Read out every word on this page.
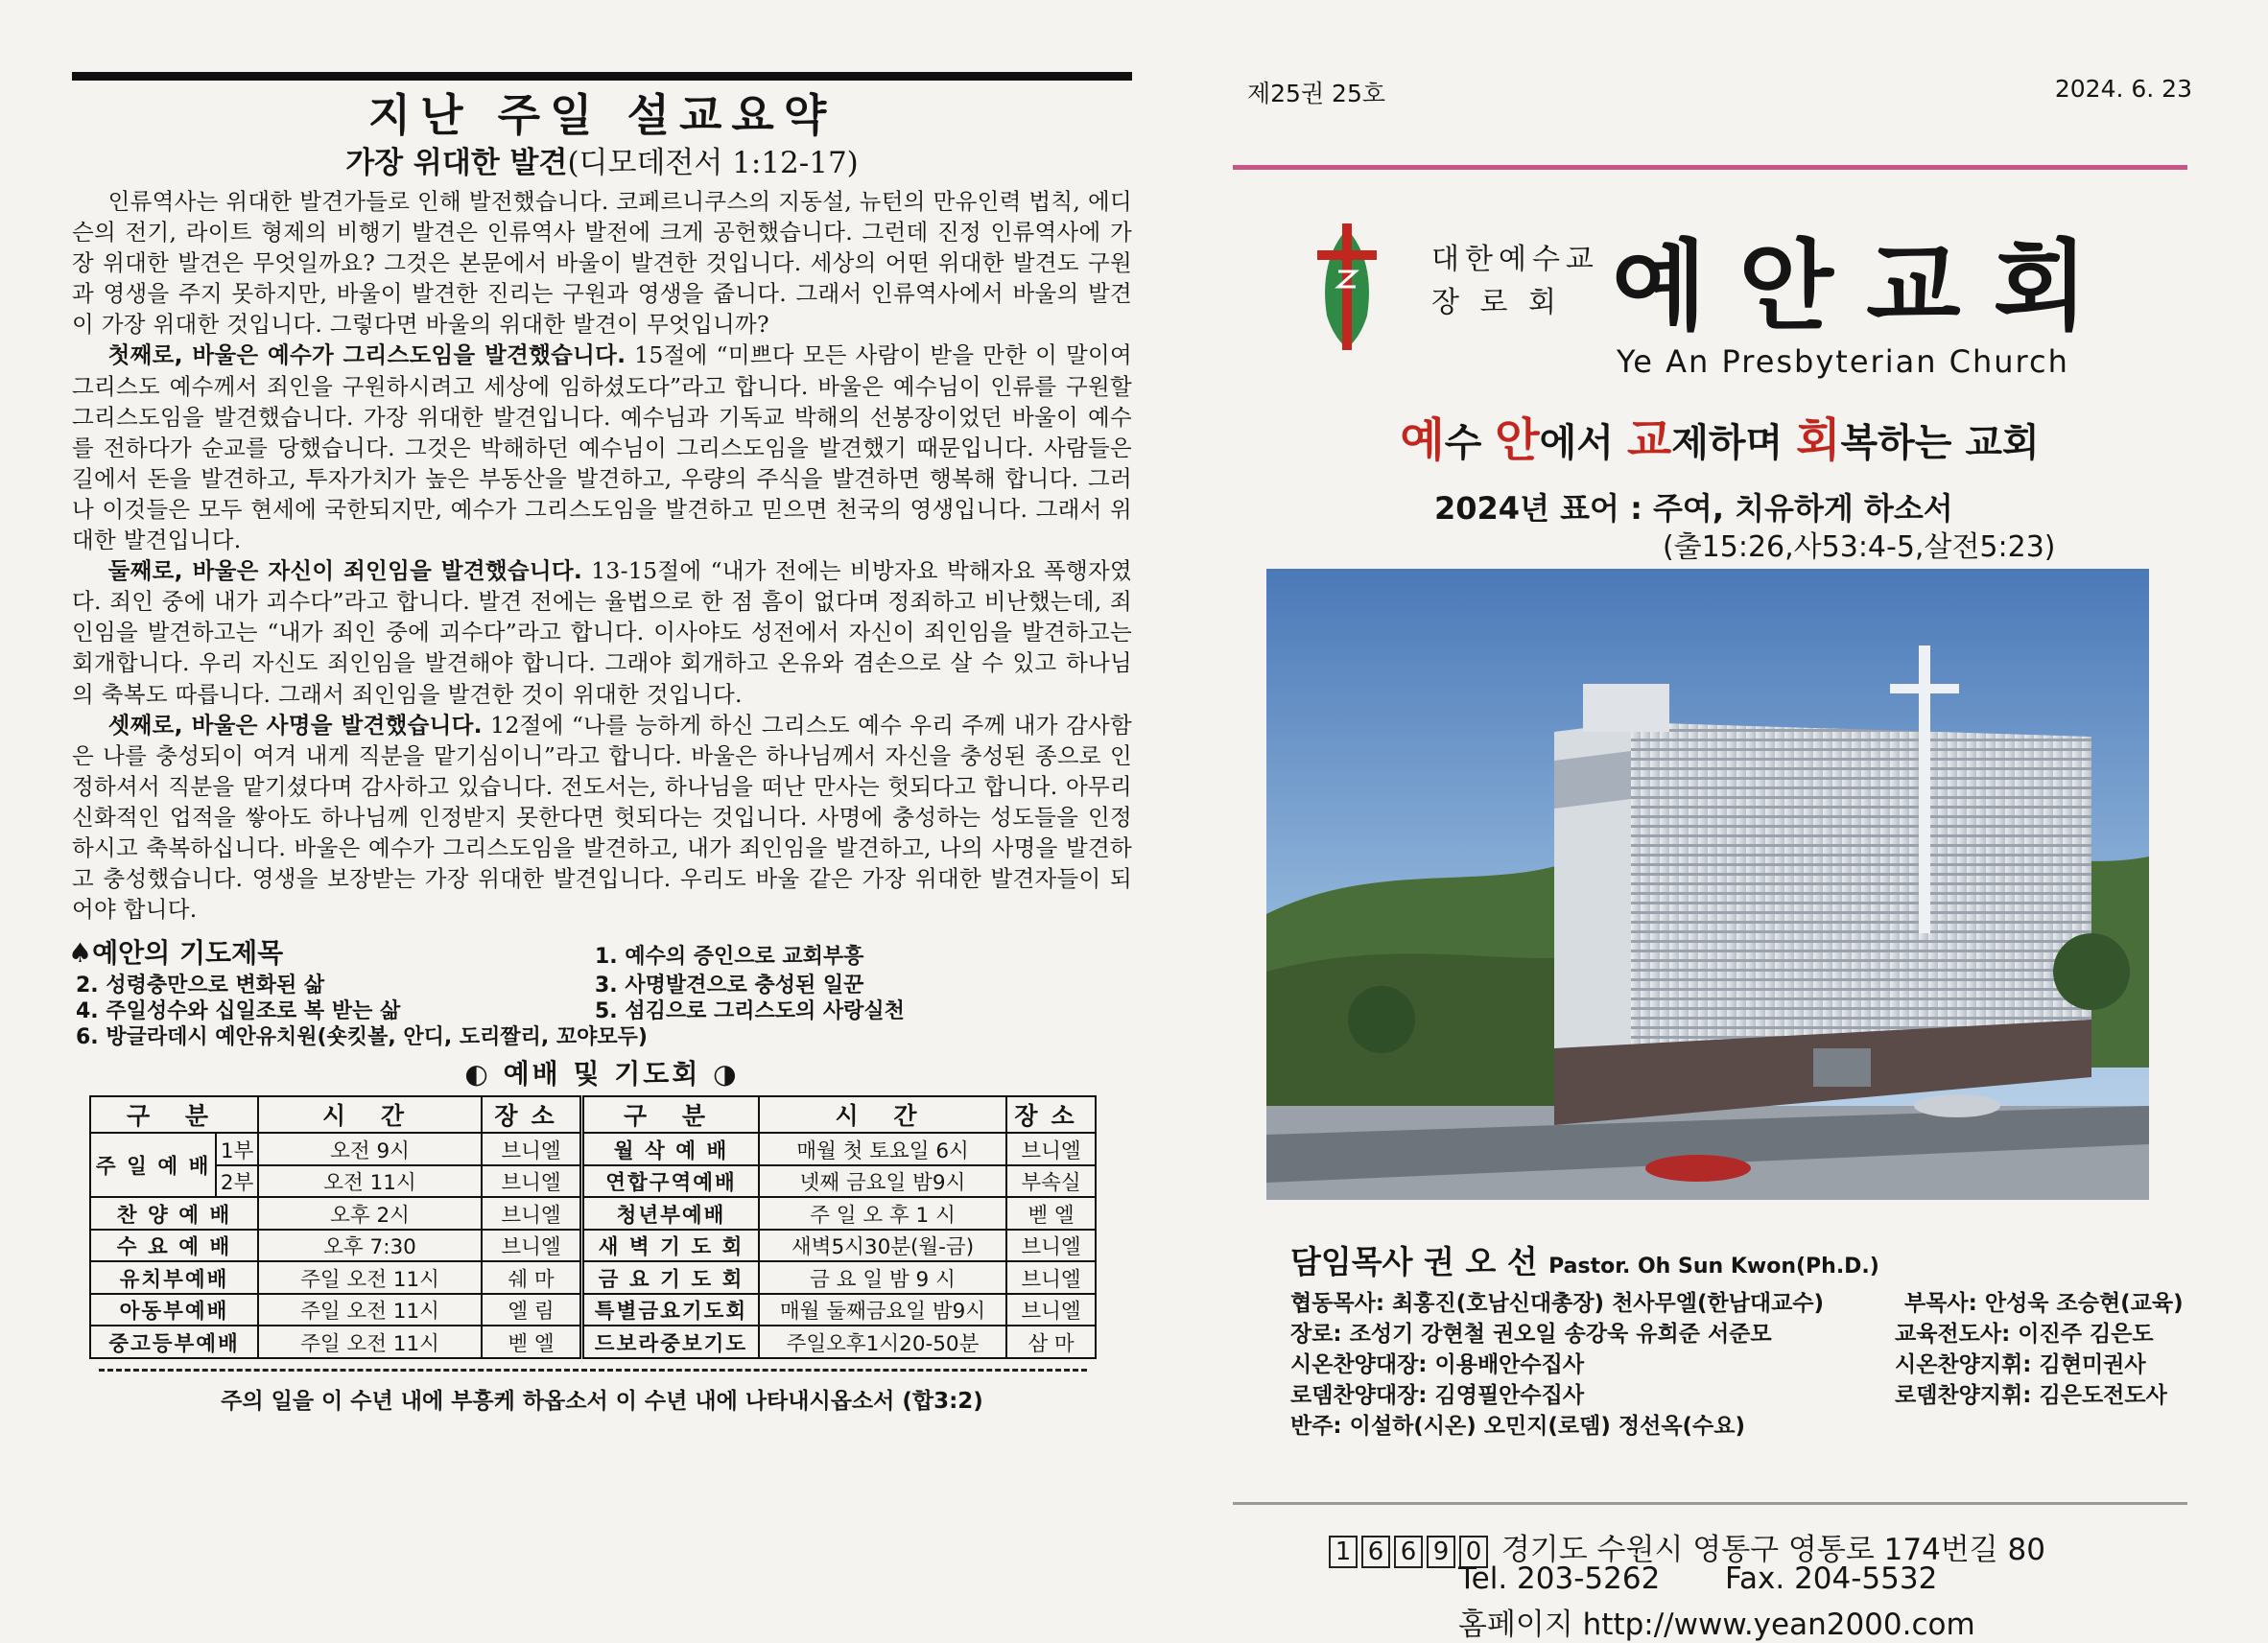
지난 주일 설교요약
가장 위대한 발견(디모데전서 1:12-17)

인류역사는 위대한 발견가들로 인해 발전했습니다. 코페르니쿠스의 지동설, 뉴턴의 만유인력 법칙, 에디슨의 전기, 라이트 형제의 비행기 발견은 인류역사 발전에 크게 공헌했습니다. 그런데 진정 인류역사에 가장 위대한 발견은 무엇일까요? 그것은 본문에서 바울이 발견한 것입니다. 세상의 어떤 위대한 발견도 구원과 영생을 주지 못하지만, 바울이 발견한 진리는 구원과 영생을 줍니다. 그래서 인류역사에서 바울의 발견이 가장 위대한 것입니다. 그렇다면 바울의 위대한 발견이 무엇입니까?

첫째로, 바울은 예수가 그리스도임을 발견했습니다. 15절에 “미쁘다 모든 사람이 받을 만한 이 말이여 그리스도 예수께서 죄인을 구원하시려고 세상에 임하셨도다”라고 합니다. 바울은 예수님이 인류를 구원할 그리스도임을 발견했습니다. 가장 위대한 발견입니다. 예수님과 기독교 박해의 선봉장이었던 바울이 예수를 전하다가 순교를 당했습니다. 그것은 박해하던 예수님이 그리스도임을 발견했기 때문입니다. 사람들은 길에서 돈을 발견하고, 투자가치가 높은 부동산을 발견하고, 우량의 주식을 발견하면 행복해 합니다. 그러나 이것들은 모두 현세에 국한되지만, 예수가 그리스도임을 발견하고 믿으면 천국의 영생입니다. 그래서 위대한 발견입니다.

둘째로, 바울은 자신이 죄인임을 발견했습니다. 13-15절에 “내가 전에는 비방자요 박해자요 폭행자였다. 죄인 중에 내가 괴수다”라고 합니다. 발견 전에는 율법으로 한 점 흠이 없다며 정죄하고 비난했는데, 죄인임을 발견하고는 “내가 죄인 중에 괴수다”라고 합니다. 이사야도 성전에서 자신이 죄인임을 발견하고는 회개합니다. 우리 자신도 죄인임을 발견해야 합니다. 그래야 회개하고 온유와 겸손으로 살 수 있고 하나님의 축복도 따릅니다. 그래서 죄인임을 발견한 것이 위대한 것입니다.

셋째로, 바울은 사명을 발견했습니다. 12절에 “나를 능하게 하신 그리스도 예수 우리 주께 내가 감사함은 나를 충성되이 여겨 내게 직분을 맡기심이니”라고 합니다. 바울은 하나님께서 자신을 충성된 종으로 인정하셔서 직분을 맡기셨다며 감사하고 있습니다. 전도서는, 하나님을 떠난 만사는 헛되다고 합니다. 아무리 신화적인 업적을 쌓아도 하나님께 인정받지 못한다면 헛되다는 것입니다. 사명에 충성하는 성도들을 인정하시고 축복하십니다. 바울은 예수가 그리스도임을 발견하고, 내가 죄인임을 발견하고, 나의 사명을 발견하고 충성했습니다. 영생을 보장받는 가장 위대한 발견입니다. 우리도 바울 같은 가장 위대한 발견자들이 되어야 합니다.

♠예안의 기도제목	1. 예수의 증인으로 교회부흥
2. 성령충만으로 변화된 삶	3. 사명발견으로 충성된 일꾼
4. 주일성수와 십일조로 복 받는 삶	5. 섬김으로 그리스도의 사랑실천
6. 방글라데시 예안유치원(숏킷볼, 안디, 도리짤리, 꼬야모두)
◐ 예배 및 기도회 ◑
구 분		시 간	장소	구 분	시 간	장소
주 일 예 배	1부	오전 9시	브니엘	월 삭 예 배	매월 첫 토요일 6시	브니엘
	2부	오전 11시	브니엘	연합구역예배	넷째 금요일 밤9시	부속실
찬 양 예 배		오후 2시	브니엘	청년부예배	주 일 오 후 1 시	벧 엘
수 요 예 배		오후 7:30	브니엘	새 벽 기 도 회	새벽5시30분(월-금)	브니엘
유치부예배		주일 오전 11시	쉐 마	금 요 기 도 회	금 요 일 밤 9 시	브니엘
아동부예배		주일 오전 11시	엘 림	특별금요기도회	매월 둘째금요일 밤9시	브니엘
중고등부예배		주일 오전 11시	벧 엘	드보라중보기도	주일오후1시20-50분	삼 마
주의 일을 이 수년 내에 부흥케 하옵소서 이 수년 내에 나타내시옵소서 (합3:2)
제25권 25호	2024. 6. 23
대한예수교
장 로 회 예안교회
Ye An Presbyterian Church
예수 안에서 교제하며 회복하는 교회
2024년 표어 : 주여, 치유하게 하소서
(출15:26,사53:4-5,살전5:23)
담임목사 권 오 선 Pastor. Oh Sun Kwon(Ph.D.)
협동목사: 최홍진(호남신대총장) 천사무엘(한남대교수)	부목사: 안성욱 조승현(교육)
장로: 조성기 강현철 권오일 송강욱 유희준 서준모	교육전도사: 이진주 김은도
시온찬양대장: 이용배안수집사	시온찬양지휘: 김현미권사
로뎀찬양대장: 김영필안수집사	로뎀찬양지휘: 김은도전도사
반주: 이설하(시온) 오민지(로뎀) 정선옥(수요)
1 6 6 9 0 경기도 수원시 영통구 영통로 174번길 80
Tel. 203-5262 Fax. 204-5532
홈페이지 http://www.yean2000.com
